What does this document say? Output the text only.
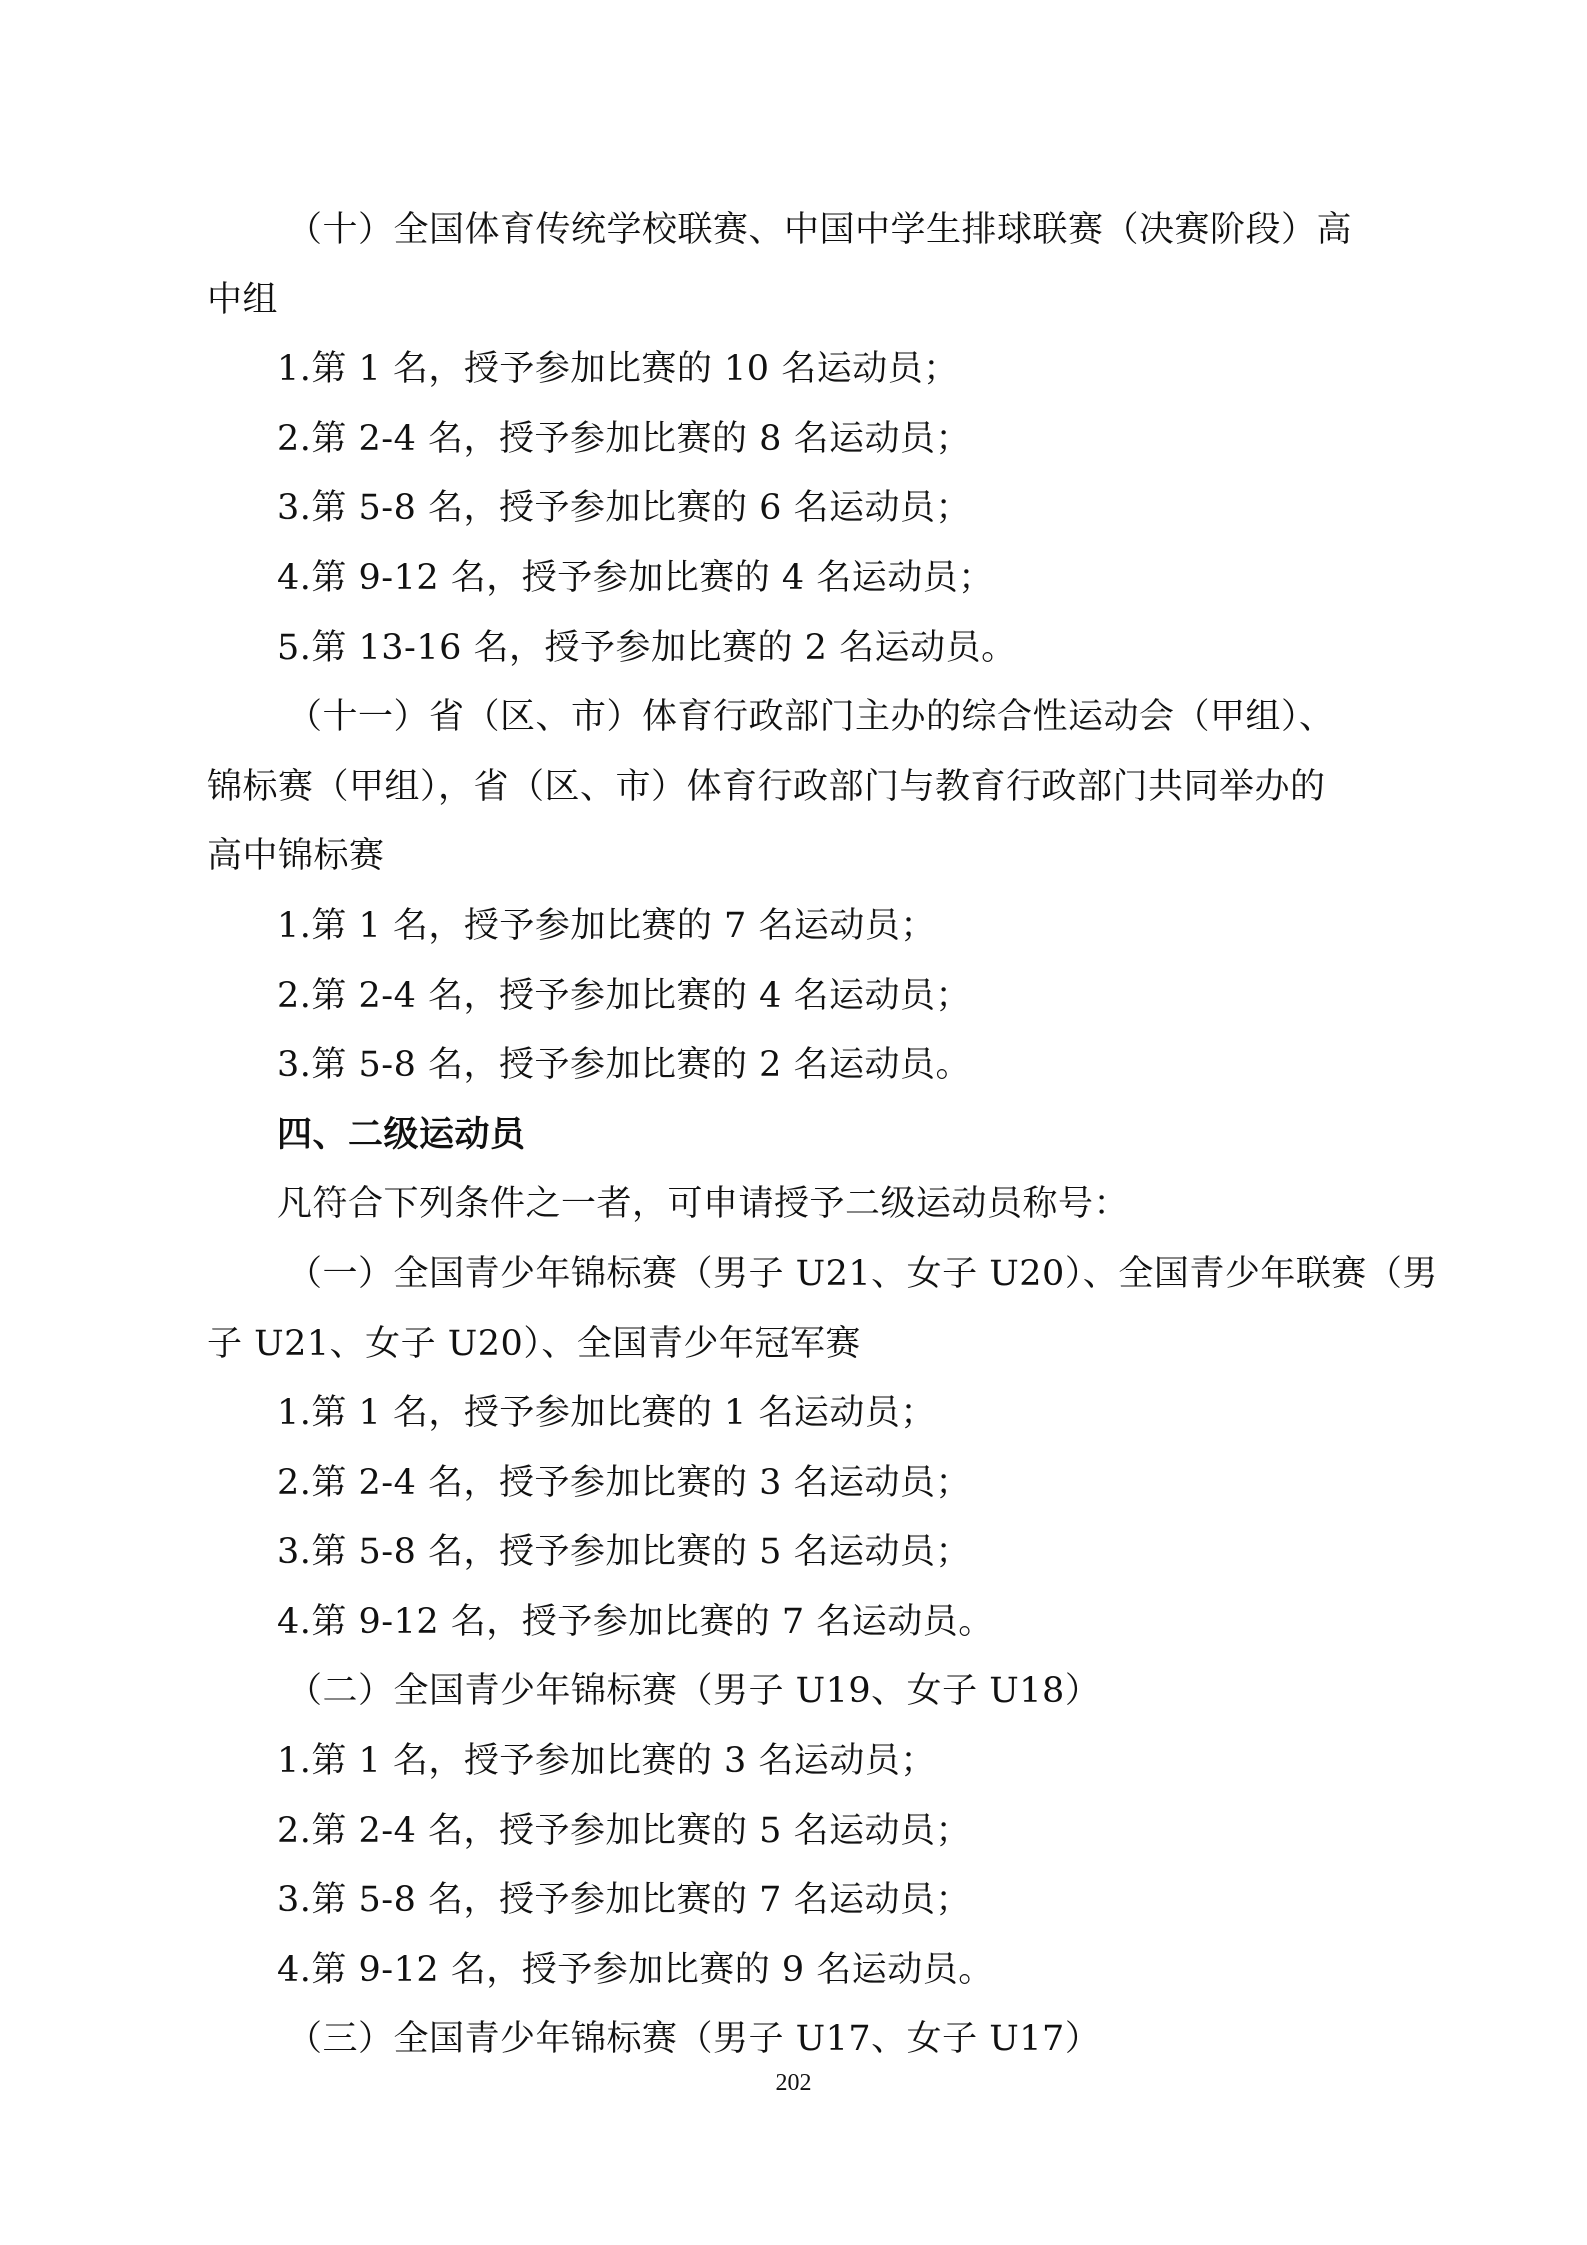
（十）全国体育传统学校联赛、中国中学生排球联赛（决赛阶段）高
中组
1.第 1 名，授予参加比赛的 10 名运动员；
2.第 2-4 名，授予参加比赛的 8 名运动员；
3.第 5-8 名，授予参加比赛的 6 名运动员；
4.第 9-12 名，授予参加比赛的 4 名运动员；
5.第 13-16 名，授予参加比赛的 2 名运动员。
（十一）省（区、市）体育行政部门主办的综合性运动会（甲组）、
锦标赛（甲组），省（区、市）体育行政部门与教育行政部门共同举办的
高中锦标赛
1.第 1 名，授予参加比赛的 7 名运动员；
2.第 2-4 名，授予参加比赛的 4 名运动员；
3.第 5-8 名，授予参加比赛的 2 名运动员。
四、二级运动员
凡符合下列条件之一者，可申请授予二级运动员称号：
（一）全国青少年锦标赛（男子 U21、女子 U20）、全国青少年联赛（男
子 U21、女子 U20）、全国青少年冠军赛
1.第 1 名，授予参加比赛的 1 名运动员；
2.第 2-4 名，授予参加比赛的 3 名运动员；
3.第 5-8 名，授予参加比赛的 5 名运动员；
4.第 9-12 名，授予参加比赛的 7 名运动员。
（二）全国青少年锦标赛（男子 U19、女子 U18）
1.第 1 名，授予参加比赛的 3 名运动员；
2.第 2-4 名，授予参加比赛的 5 名运动员；
3.第 5-8 名，授予参加比赛的 7 名运动员；
4.第 9-12 名，授予参加比赛的 9 名运动员。
（三）全国青少年锦标赛（男子 U17、女子 U17）
202
